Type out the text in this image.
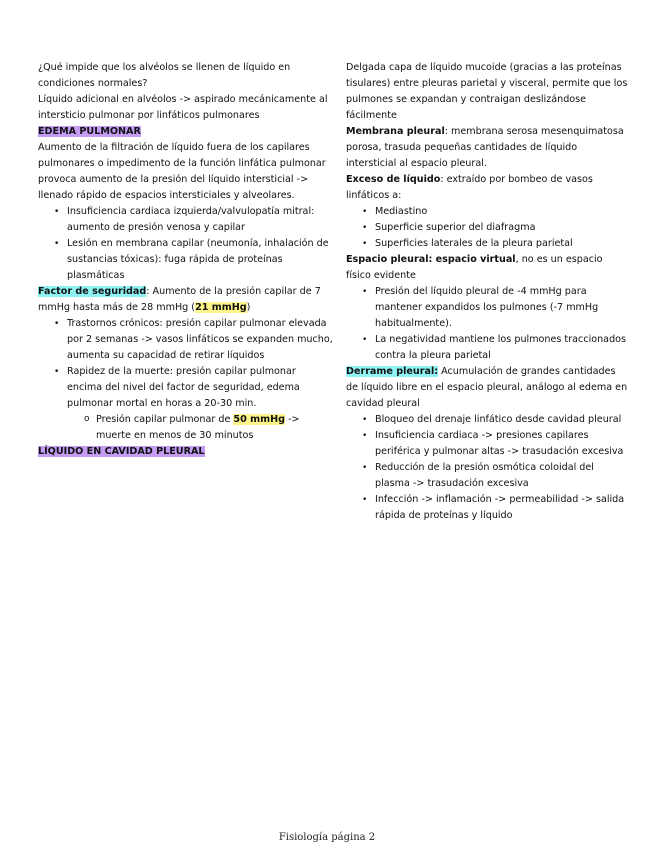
¿Qué impide que los alvéolos se llenen de líquido en condiciones normales?

Líquido adicional en alvéolos -> aspirado mecánicamente al intersticio pulmonar por linfáticos pulmonares

EDEMA PULMONAR

Aumento de la filtración de líquido fuera de los capilares pulmonares o impedimento de la función linfática pulmonar provoca aumento de la presión del líquido intersticial -> llenado rápido de espacios intersticiales y alveolares.

• Insuficiencia cardiaca izquierda/valvulopatía mitral: aumento de presión venosa y capilar
• Lesión en membrana capilar (neumonía, inhalación de sustancias tóxicas): fuga rápida de proteínas plasmáticas

Factor de seguridad: Aumento de la presión capilar de 7 mmHg hasta más de 28 mmHg (21 mmHg)

• Trastornos crónicos: presión capilar pulmonar elevada por 2 semanas -> vasos linfáticos se expanden mucho, aumenta su capacidad de retirar líquidos
• Rapidez de la muerte: presión capilar pulmonar encima del nivel del factor de seguridad, edema pulmonar mortal en horas a 20-30 min.
o Presión capilar pulmonar de 50 mmHg -> muerte en menos de 30 minutos

LÍQUIDO EN CAVIDAD PLEURAL

Delgada capa de líquido mucoide (gracias a las proteínas tisulares) entre pleuras parietal y visceral, permite que los pulmones se expandan y contraigan deslizándose fácilmente

Membrana pleural: membrana serosa mesenquimatosa porosa, trasuda pequeñas cantidades de líquido intersticial al espacio pleural.

Exceso de líquido: extraído por bombeo de vasos linfáticos a:

• Mediastino
• Superficie superior del diafragma
• Superficies laterales de la pleura parietal

Espacio pleural: espacio virtual, no es un espacio físico evidente

• Presión del líquido pleural de -4 mmHg para mantener expandidos los pulmones (-7 mmHg habitualmente).
• La negatividad mantiene los pulmones traccionados contra la pleura parietal

Derrame pleural: Acumulación de grandes cantidades de líquido libre en el espacio pleural, análogo al edema en cavidad pleural

• Bloqueo del drenaje linfático desde cavidad pleural
• Insuficiencia cardiaca -> presiones capilares periférica y pulmonar altas -> trasudación excesiva
• Reducción de la presión osmótica coloidal del plasma -> trasudación excesiva
• Infección -> inflamación -> permeabilidad -> salida rápida de proteínas y líquido
Fisiología página 2
